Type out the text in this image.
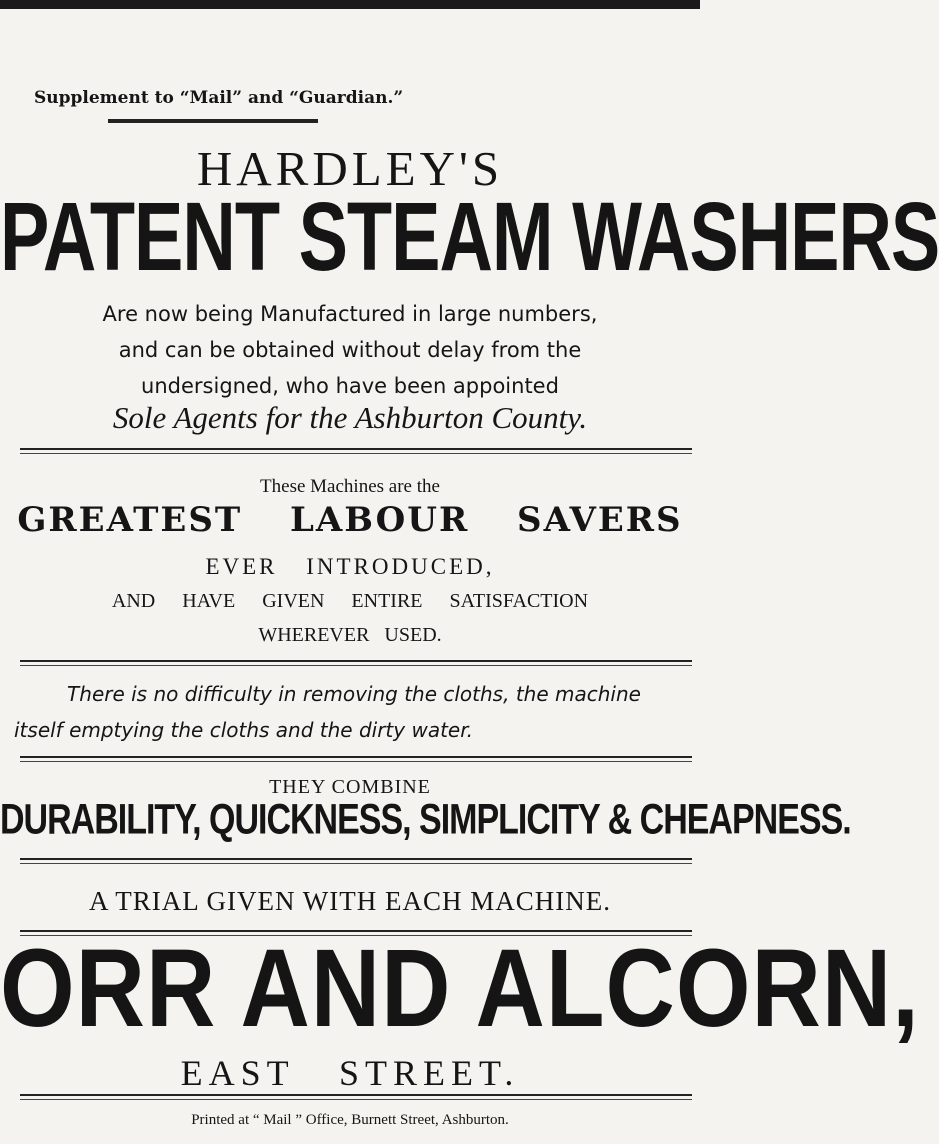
Supplement to “Mail” and “Guardian.”
HARDLEY'S
PATENT STEAM WASHERS
Are now being Manufactured in large numbers,
and can be obtained without delay from the
undersigned, who have been appointed
Sole Agents for the Ashburton County.
These Machines are the
GREATEST LABOUR SAVERS
EVER INTRODUCED,
AND HAVE GIVEN ENTIRE SATISFACTION
WHEREVER USED.
There is no difficulty in removing the cloths, the machine
itself emptying the cloths and the dirty water.
THEY COMBINE
DURABILITY, QUICKNESS, SIMPLICITY & CHEAPNESS.
A TRIAL GIVEN WITH EACH MACHINE.
ORR AND ALCORN,
EAST STREET.
Printed at “ Mail ” Office, Burnett Street, Ashburton.
